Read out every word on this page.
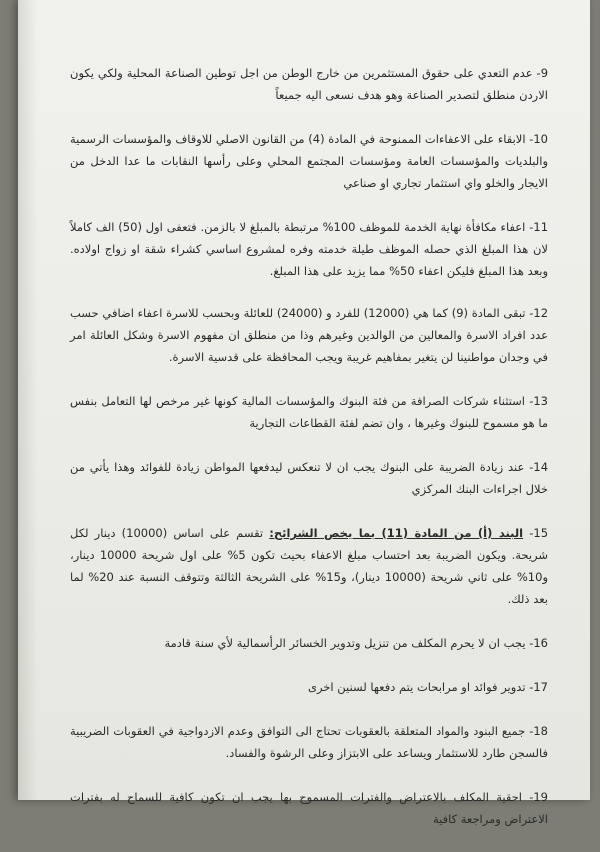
9- عدم التعدي على حقوق المستثمرين من خارج الوطن من اجل توطين الصناعة المحلية ولكي يكون الاردن منطلق لتصدير الصناعة وهو هدف نسعى اليه جميعاً

10- الابقاء على الاعفاءات الممنوحة في المادة (4) من القانون الاصلي للاوقاف والمؤسسات الرسمية والبلديات والمؤسسات العامة ومؤسسات المجتمع المحلي وعلى رأسها النقابات ما عدا الدخل من الايجار والخلو واي استثمار تجاري او صناعي

11- اعفاء مكافأة نهاية الخدمة للموظف 100% مرتبطة بالمبلغ لا بالزمن. فتعفى اول (50) الف كاملاً لان هذا المبلغ الذي حصله الموظف طيلة خدمته وفره لمشروع اساسي كشراء شقة او زواج اولاده. وبعد هذا المبلغ فليكن اعفاء 50% مما يزيد على هذا المبلغ.

12- تبقى المادة (9) كما هي (12000) للفرد و (24000) للعائلة وبحسب للاسرة اعفاء اضافي حسب عدد افراد الاسرة والمعالين من الوالدين وغيرهم وذا من منطلق ان مفهوم الاسرة وشكل العائلة امر في وجدان مواطنينا لن يتغير بمفاهيم غريبة ويجب المحافظة على قدسية الاسرة.

13- استثناء شركات الصرافة من فئة البنوك والمؤسسات المالية كونها غير مرخص لها التعامل بنفس ما هو مسموح للبنوك وغيرها ، وان تضم لفئة القطاعات التجارية

14- عند زيادة الضريبة على البنوك يجب ان لا تنعكس ليدفعها المواطن زيادة للفوائد وهذا يأتي من خلال اجراءات البنك المركزي

15- البند (أ) من المادة (11) بما يخص الشرائح: تقسم على اساس (10000) دينار لكل شريحة. ويكون الضريبة بعد احتساب مبلغ الاعفاء بحيث تكون 5% على اول شريحة 10000 دينار، و10% على ثاني شريحة (10000 دينار)، و15% على الشريحة الثالثة وتتوقف النسبة عند 20% لما بعد ذلك.

16- يجب ان لا يحرم المكلف من تنزيل وتدوير الخسائر الرأسمالية لأي سنة قادمة

17- تدوير فوائد او مرابحات يتم دفعها لسنين اخرى

18- جميع البنود والمواد المتعلقة بالعقوبات تحتاج الى التوافق وعدم الازدواجية في العقوبات الضريبية فالسجن طارد للاستثمار ويساعد على الابتزاز وعلى الرشوة والفساد.

19- احقية المكلف بالاعتراض والفترات المسموح بها يجب ان تكون كافية للسماح له بفترات الاعتراض ومراجعة كافية
